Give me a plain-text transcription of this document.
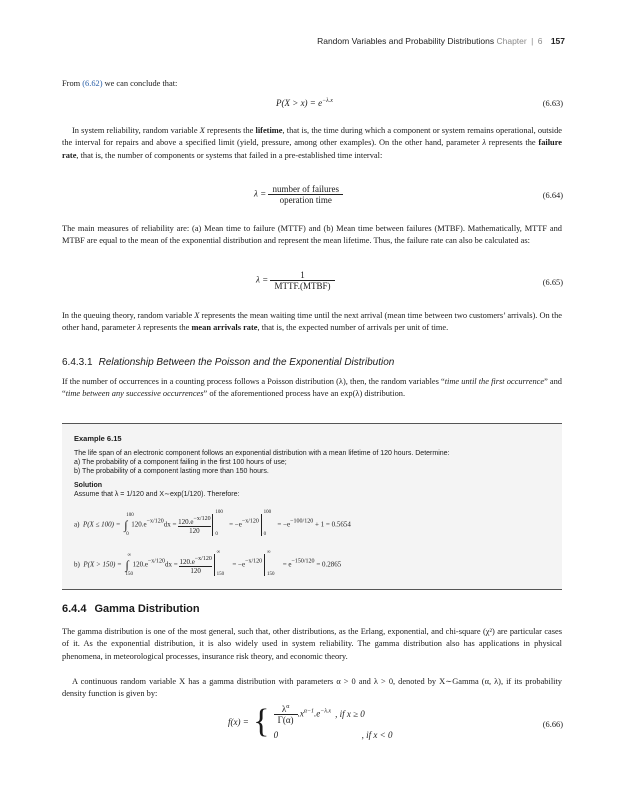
Random Variables and Probability Distributions Chapter | 6 157
From (6.62) we can conclude that:
$P(X > x) = e^{-\lambda.x}$	(6.63)
In system reliability, random variable X represents the lifetime, that is, the time during which a component or system remains operational, outside the interval for repairs and above a specified limit (yield, pressure, among other examples). On the other hand, parameter λ represents the failure rate, that is, the number of components or systems that failed in a pre-established time interval:
$\lambda = \frac{\text{number of failures}}{\text{operation time}}$	(6.64)
The main measures of reliability are: (a) Mean time to failure (MTTF) and (b) Mean time between failures (MTBF). Mathematically, MTTF and MTBF are equal to the mean of the exponential distribution and represent the mean lifetime. Thus, the failure rate can also be calculated as:
$\lambda = \frac{1}{\text{MTTF.(MTBF)}}$	(6.65)
In the queuing theory, random variable X represents the mean waiting time until the next arrival (mean time between two customers’ arrivals). On the other hand, parameter λ represents the mean arrivals rate, that is, the expected number of arrivals per unit of time.
6.4.3.1 Relationship Between the Poisson and the Exponential Distribution
If the number of occurrences in a counting process follows a Poisson distribution (λ), then, the random variables “time until the first occurrence” and “time between any successive occurrences” of the aforementioned process have an exp(λ) distribution.
Example 6.15
The life span of an electronic component follows an exponential distribution with a mean lifetime of 120 hours. Determine:
a) The probability of a component failing in the first 100 hours of use;
b) The probability of a component lasting more than 150 hours.
Solution
Assume that λ = 1/120 and X∼exp(1/120). Therefore:
a) P(X ≤ 100) = ∫
100
0
$120.e-x/120dx = \frac{120.e-x/120}{120}$

100
0
= −e−x/120
100
0
= −e−100/120 + 1 = 0.5654
b) P(X > 150) = ∫
∞
150
$120.e-x/120dx = \frac{120.e-x/120}{120}$

∞
150
= −e−x/120
∞
150
= e−150/120 = 0.2865
6.4.4 Gamma Distribution
The gamma distribution is one of the most general, such that, other distributions, as the Erlang, exponential, and chi-square (χ²) are particular cases of it. As the exponential distribution, it is also widely used in system reliability. The gamma distribution also has applications in physical phenomena, in meteorological processes, insurance risk theory, and economic theory.
A continuous random variable X has a gamma distribution with parameters α > 0 and λ > 0, denoted by X∼Gamma (α, λ), if its probability density function is given by:
f(x) = { $\frac{\lambda^\alpha}{\Gamma(\alpha)} .x^{\alpha-1}.e^{-\lambda.x}$ , if x ≥ 0
0	, if x < 0
(6.66)
